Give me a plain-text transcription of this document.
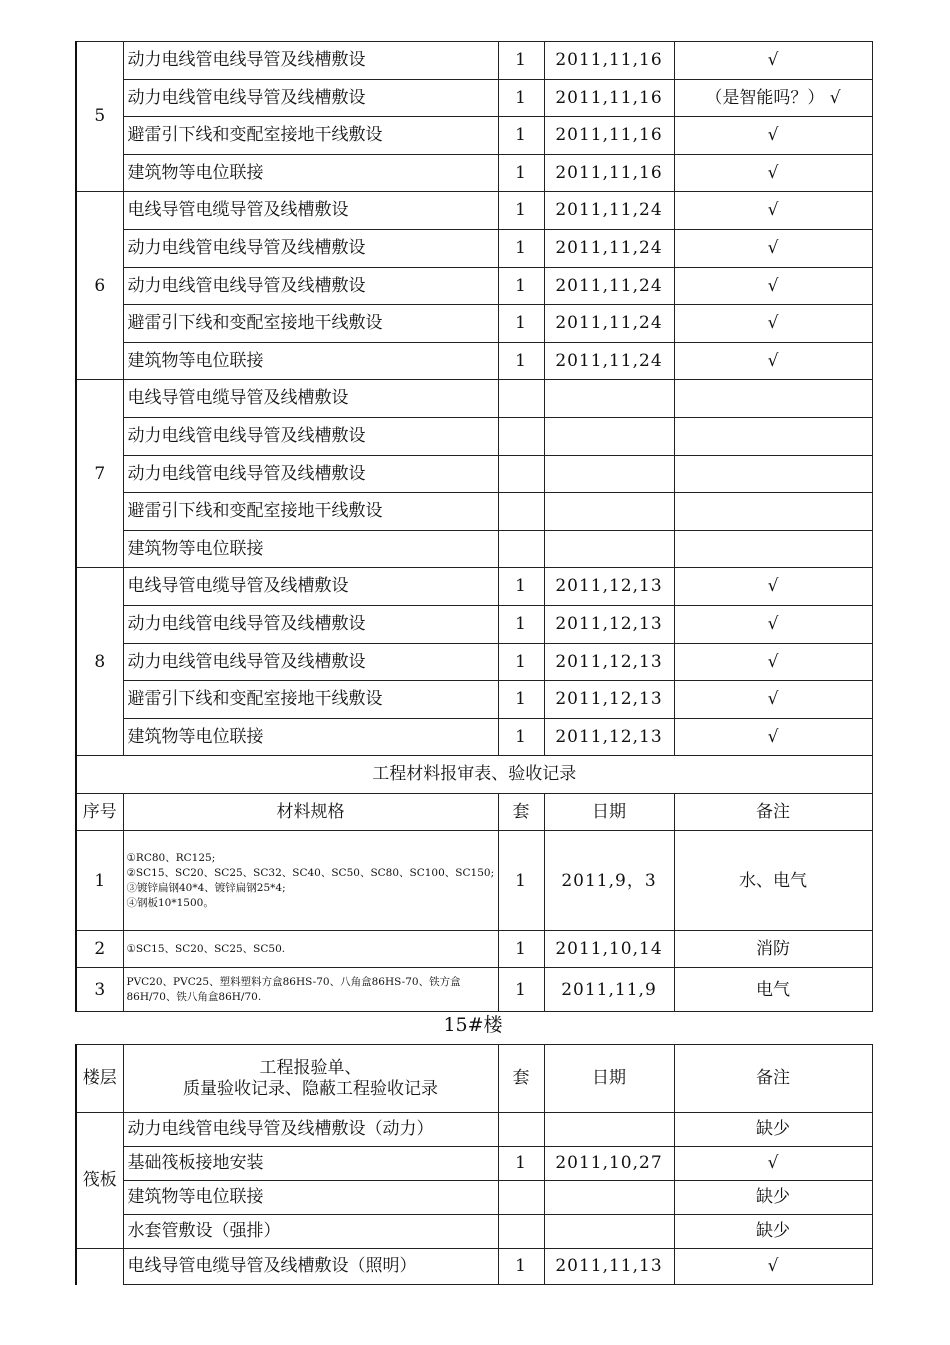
5	动力电线管电线导管及线槽敷设	1	2011,11,16	√
	动力电线管电线导管及线槽敷设	1	2011,11,16	（是智能吗？） √
	避雷引下线和变配室接地干线敷设	1	2011,11,16	√
	建筑物等电位联接	1	2011,11,16	√
6	电线导管电缆导管及线槽敷设	1	2011,11,24	√
	动力电线管电线导管及线槽敷设	1	2011,11,24	√
	动力电线管电线导管及线槽敷设	1	2011,11,24	√
	避雷引下线和变配室接地干线敷设	1	2011,11,24	√
	建筑物等电位联接	1	2011,11,24	√
7	电线导管电缆导管及线槽敷设			
	动力电线管电线导管及线槽敷设			
	动力电线管电线导管及线槽敷设			
	避雷引下线和变配室接地干线敷设			
	建筑物等电位联接			
8	电线导管电缆导管及线槽敷设	1	2011,12,13	√
	动力电线管电线导管及线槽敷设	1	2011,12,13	√
	动力电线管电线导管及线槽敷设	1	2011,12,13	√
	避雷引下线和变配室接地干线敷设	1	2011,12,13	√
	建筑物等电位联接	1	2011,12,13	√
工程材料报审表、验收记录				
序号	材料规格	套	日期	备注
1	①RC80、RC125;
②SC15、SC20、SC25、SC32、SC40、SC50、SC80、SC100、SC150;
③镀锌扁钢40*4、镀锌扁钢25*4;
④钢板10*1500。	1	2011,9，3	水、电气
2	①SC15、SC20、SC25、SC50.	1	2011,10,14	消防
3	PVC20、PVC25、塑料塑料方盒86HS-70、八角盒86HS-70、铁方盒86H/70、铁八角盒86H/70.	1	2011,11,9	电气
15#楼
楼层	工程报验单、
质量验收记录、隐蔽工程验收记录	套	日期	备注
筏板	动力电线管电线导管及线槽敷设（动力）			缺少
	基础筏板接地安装	1	2011,10,27	√
	建筑物等电位联接			缺少
	水套管敷设（强排）			缺少
	电线导管电缆导管及线槽敷设（照明）	1	2011,11,13	√
